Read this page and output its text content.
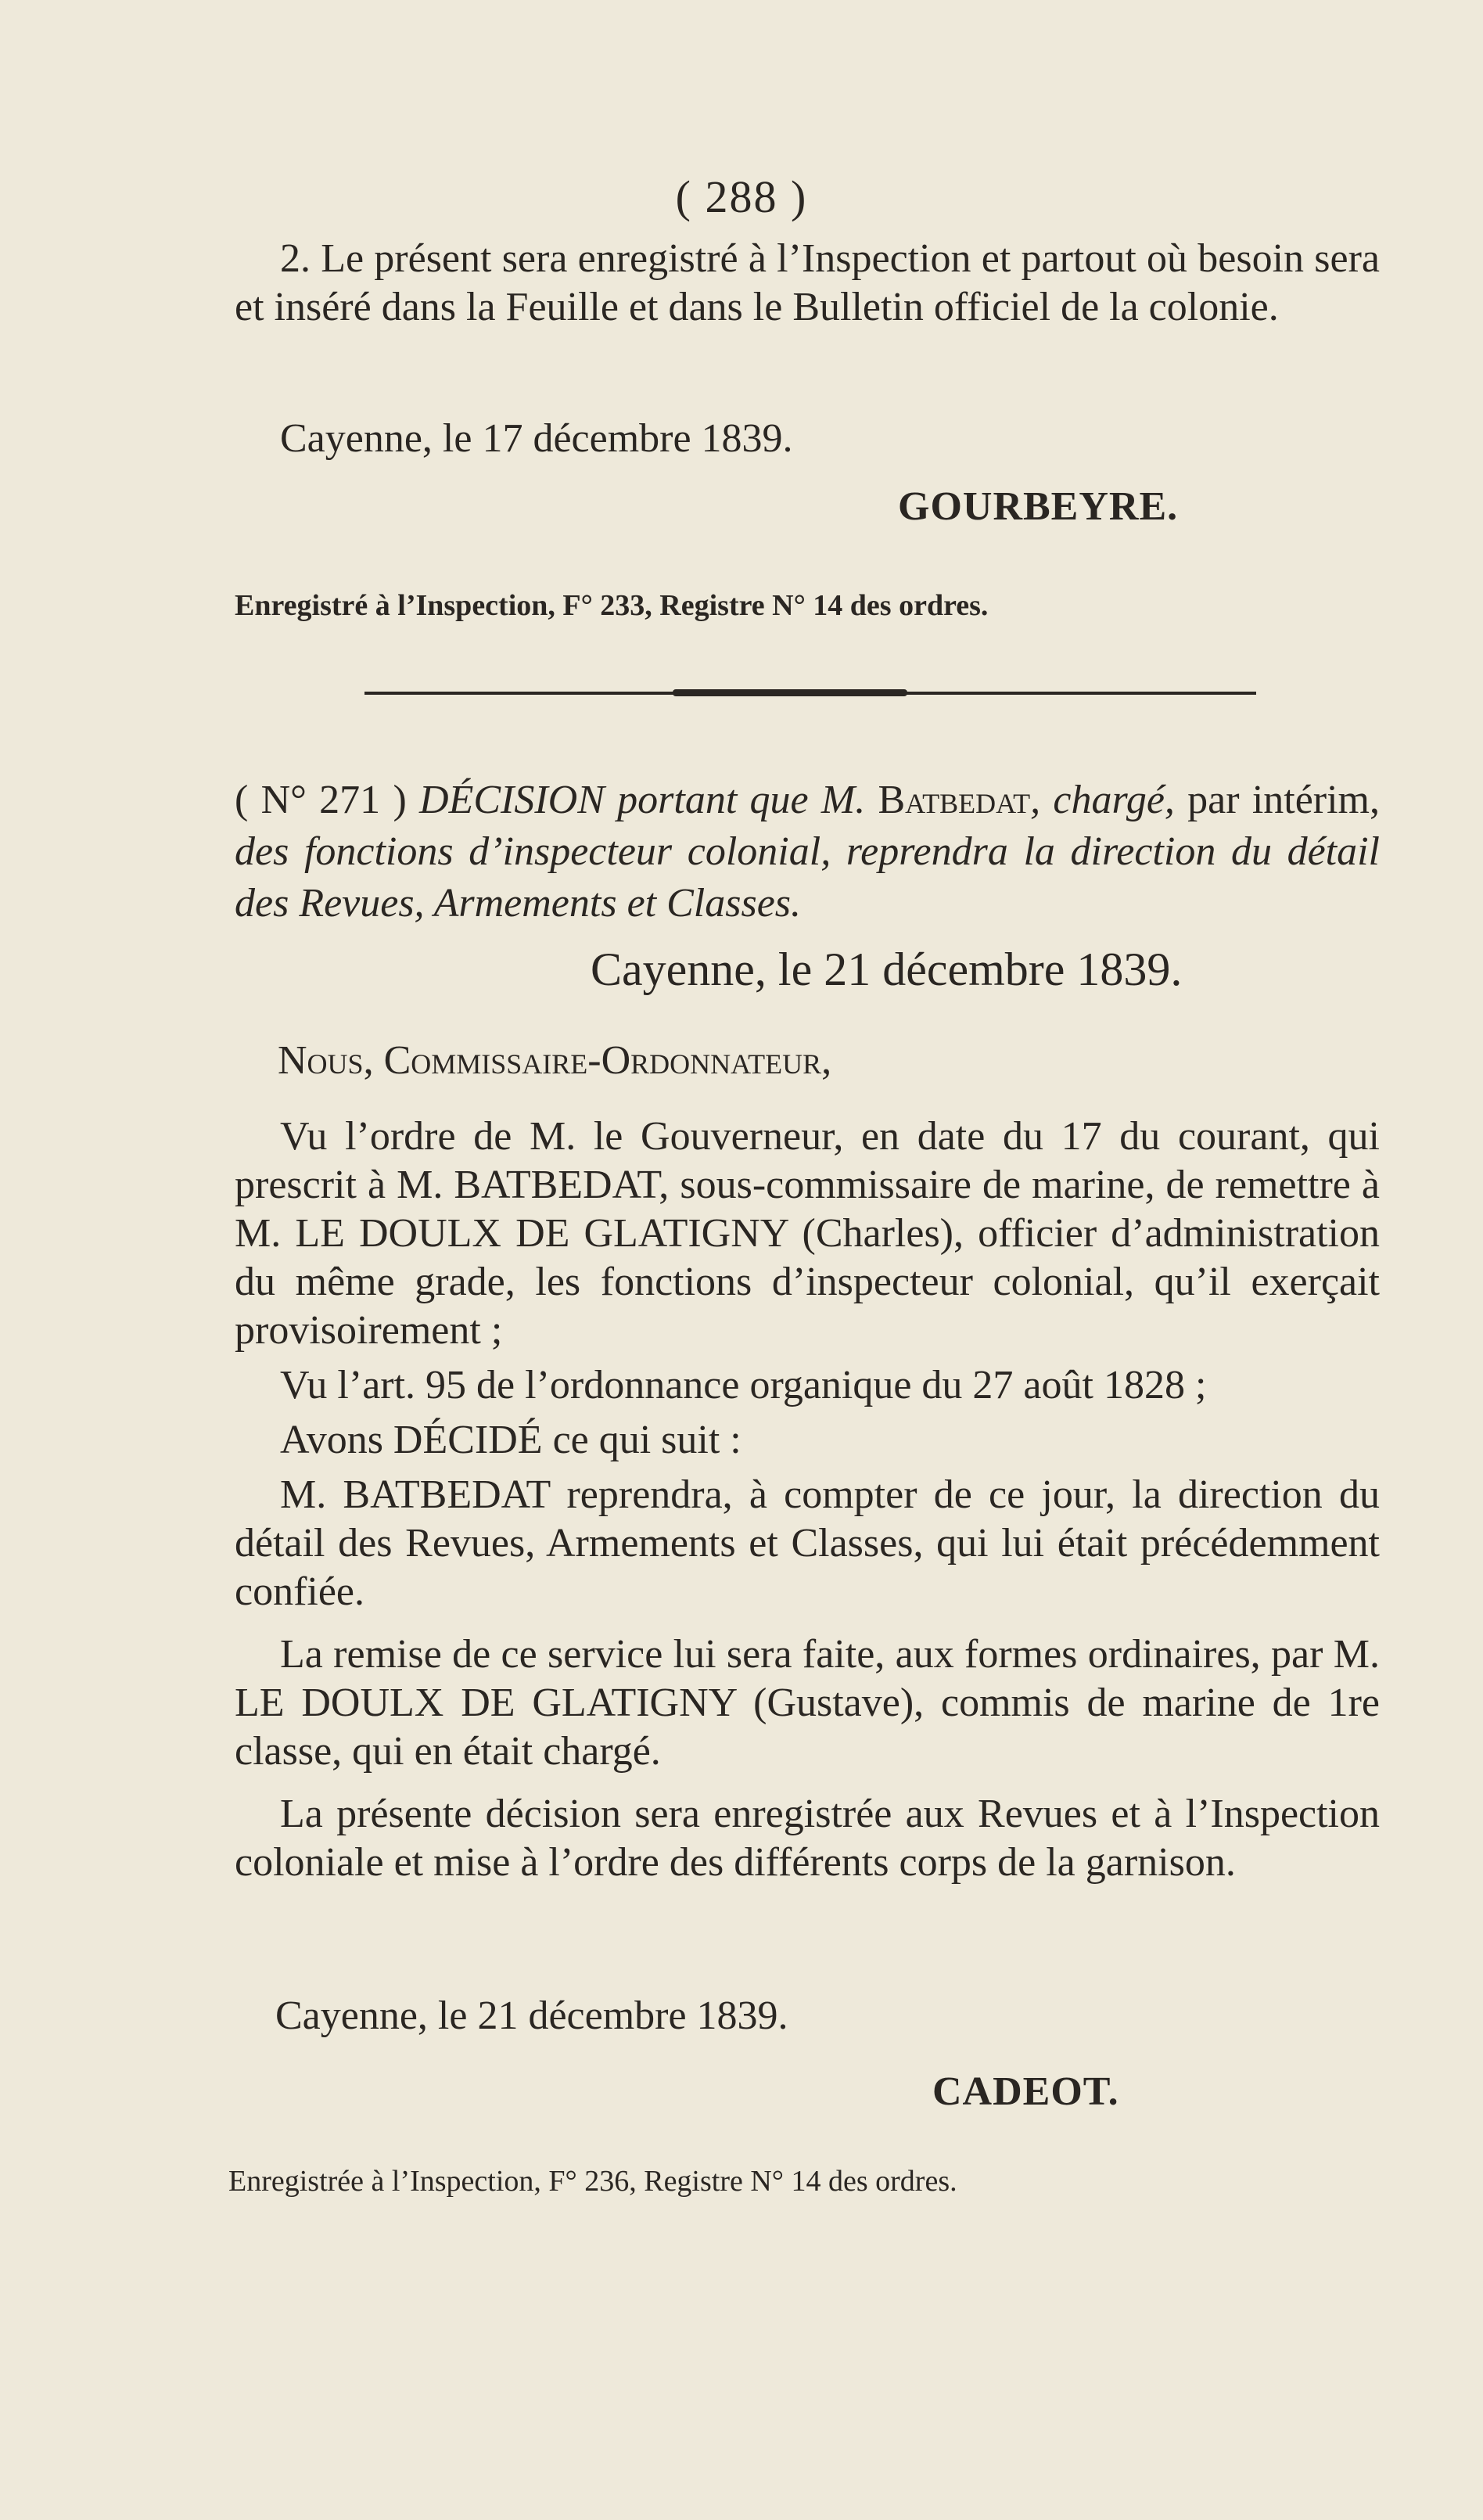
( 288 )

2. Le présent sera enregistré à l’Inspection et partout où besoin sera et inséré dans la Feuille et dans le Bulletin officiel de la colonie.

Cayenne, le 17 décembre 1839.
GOURBEYRE.
Enregistré à l’Inspection, F° 233, Registre N° 14 des ordres.
( N° 271 ) DÉCISION portant que M. Batbedat, chargé, par intérim, des fonctions d’inspecteur colonial, reprendra la direction du détail des Revues, Armements et Classes.
Cayenne, le 21 décembre 1839.
Nous, Commissaire-Ordonnateur,

Vu l’ordre de M. le Gouverneur, en date du 17 du courant, qui prescrit à M. BATBEDAT, sous-commissaire de marine, de remettre à M. LE DOULX DE GLATIGNY (Charles), officier d’administration du même grade, les fonctions d’inspecteur colonial, qu’il exerçait provisoirement ;

Vu l’art. 95 de l’ordonnance organique du 27 août 1828 ;

Avons DÉCIDÉ ce qui suit :

M. BATBEDAT reprendra, à compter de ce jour, la direction du détail des Revues, Armements et Classes, qui lui était précédemment confiée.

La remise de ce service lui sera faite, aux formes ordinaires, par M. LE DOULX DE GLATIGNY (Gustave), commis de marine de 1re classe, qui en était chargé.

La présente décision sera enregistrée aux Revues et à l’Inspection coloniale et mise à l’ordre des différents corps de la garnison.

Cayenne, le 21 décembre 1839.
CADEOT.
Enregistrée à l’Inspection, F° 236, Registre N° 14 des ordres.
